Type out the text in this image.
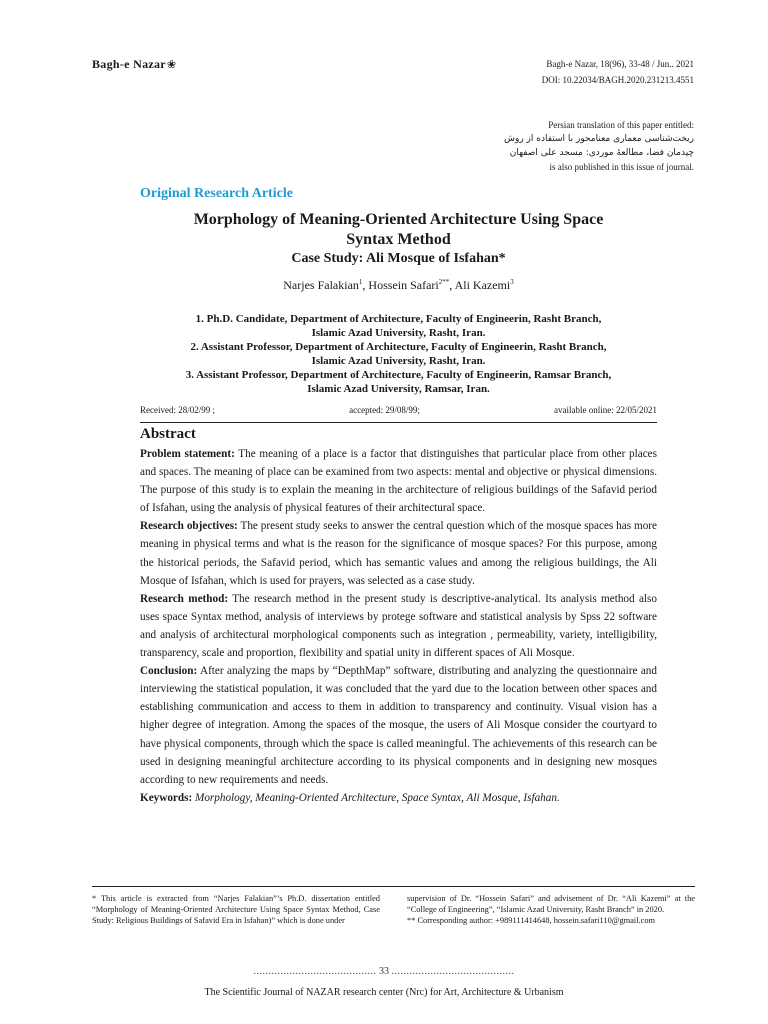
Bagh-e Nazar❀	Bagh-e Nazar, 18(96), 33-48 / Jun.. 2021
DOI: 10.22034/BAGH.2020.231213.4551
Persian translation of this paper entitled:
ریخت‌شناسی معماری معنامحور با استفاده از روش
چیدمان فضا، مطالعهٔ موردی: مسجد علی اصفهان
is also published in this issue of journal.
Original Research Article
Morphology of Meaning-Oriented Architecture Using Space
Syntax Method
Case Study: Ali Mosque of Isfahan*
Narjes Falakian$^1$, Hossein Safari$^{2**}$, Ali Kazemi$^3$
1. Ph.D. Candidate, Department of Architecture, Faculty of Engineerin, Rasht Branch,
Islamic Azad University, Rasht, Iran.
2. Assistant Professor, Department of Architecture, Faculty of Engineerin, Rasht Branch,
Islamic Azad University, Rasht, Iran.
3. Assistant Professor, Department of Architecture, Faculty of Engineerin, Ramsar Branch,
Islamic Azad University, Ramsar, Iran.
Received: 28/02/99 ;	accepted: 29/08/99;	available online: 22/05/2021
Abstract

Problem statement: The meaning of a place is a factor that distinguishes that particular place from other places and spaces. The meaning of place can be examined from two aspects: mental and objective or physical dimensions. The purpose of this study is to explain the meaning in the architecture of religious buildings of the Safavid period of Isfahan, using the analysis of physical features of their architectural space.

Research objectives: The present study seeks to answer the central question which of the mosque spaces has more meaning in physical terms and what is the reason for the significance of mosque spaces? For this purpose, among the historical periods, the Safavid period, which has semantic values and among the religious buildings, the Ali Mosque of Isfahan, which is used for prayers, was selected as a case study.

Research method: The research method in the present study is descriptive-analytical. Its analysis method also uses space Syntax method, analysis of interviews by protege software and statistical analysis by Spss 22 software and analysis of architectural morphological components such as integration , permeability, variety, intelligibility, transparency, scale and proportion, flexibility and spatial unity in different spaces of Ali Mosque.

Conclusion: After analyzing the maps by “DepthMap” software, distributing and analyzing the questionnaire and interviewing the statistical population, it was concluded that the yard due to the location between other spaces and establishing communication and access to them in addition to transparency and continuity. Visual vision has a higher degree of integration. Among the spaces of the mosque, the users of Ali Mosque consider the courtyard to have physical components, through which the space is called meaningful. The achievements of this research can be used in designing meaningful architecture according to its physical components and in designing new mosques according to new requirements and needs.

Keywords: Morphology, Meaning-Oriented Architecture, Space Syntax, Ali Mosque, Isfahan.

* This article is extracted from “Narjes Falakian”’s Ph.D. dissertation entitled “Morphology of Meaning-Oriented Architecture Using Space Syntax Method, Case Study: Religious Buildings of Safavid Era in Isfahan)” which is done under
supervision of Dr. “Hossein Safari” and advisement of Dr. “Ali Kazemi” at the “College of Engineering”, “Islamic Azad University, Rasht Branch” in 2020.
** Corresponding author: +989111414648, hossein.safari110@gmail.com
......................................... 33 .........................................
The Scientific Journal of NAZAR research center (Nrc) for Art, Architecture & Urbanism
